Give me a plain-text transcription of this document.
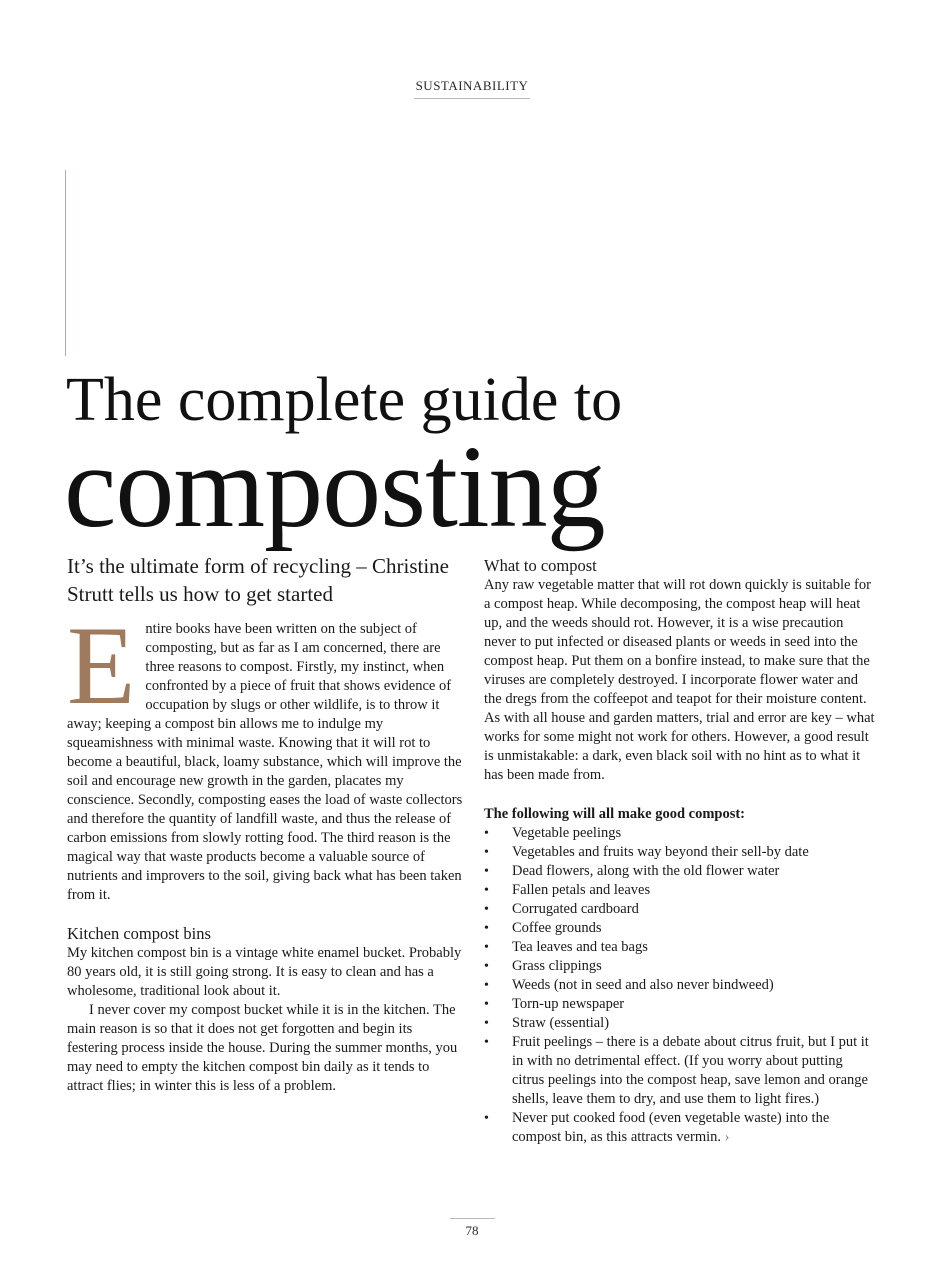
SUSTAINABILITY
The complete guide to
composting

It’s the ultimate form of recycling – Christine Strutt tells us how to get started

Entire books have been written on the subject of composting, but as far as I am concerned, there are three reasons to compost. Firstly, my instinct, when confronted by a piece of fruit that shows evidence of occupation by slugs or other wildlife, is to throw it away; keeping a compost bin allows me to indulge my squeamishness with minimal waste. Knowing that it will rot to become a beautiful, black, loamy substance, which will improve the soil and encourage new growth in the garden, placates my conscience. Secondly, composting eases the load of waste collectors and therefore the quantity of landfill waste, and thus the release of carbon emissions from slowly rotting food. The third reason is the magical way that waste products become a valuable source of nutrients and improvers to the soil, giving back what has been taken from it.

Kitchen compost bins

My kitchen compost bin is a vintage white enamel bucket. Probably 80 years old, it is still going strong. It is easy to clean and has a wholesome, traditional look about it.

I never cover my compost bucket while it is in the kitchen. The main reason is so that it does not get forgotten and begin its festering process inside the house. During the summer months, you may need to empty the kitchen compost bin daily as it tends to attract flies; in winter this is less of a problem.

What to compost

Any raw vegetable matter that will rot down quickly is suitable for a compost heap. While decomposing, the compost heap will heat up, and the weeds should rot. However, it is a wise precaution never to put infected or diseased plants or weeds in seed into the compost heap. Put them on a bonfire instead, to make sure that the viruses are completely destroyed. I incorporate flower water and the dregs from the coffeepot and teapot for their moisture content. As with all house and garden matters, trial and error are key – what works for some might not work for others. However, a good result is unmistakable: a dark, even black soil with no hint as to what it has been made from.

The following will all make good compost:

• Vegetable peelings
• Vegetables and fruits way beyond their sell-by date
• Dead flowers, along with the old flower water
• Fallen petals and leaves
• Corrugated cardboard
• Coffee grounds
• Tea leaves and tea bags
• Grass clippings
• Weeds (not in seed and also never bindweed)
• Torn-up newspaper
• Straw (essential)
• Fruit peelings – there is a debate about citrus fruit, but I put it in with no detrimental effect. (If you worry about putting citrus peelings into the compost heap, save lemon and orange shells, leave them to dry, and use them to light fires.)
• Never put cooked food (even vegetable waste) into the compost bin, as this attracts vermin. ›
78
